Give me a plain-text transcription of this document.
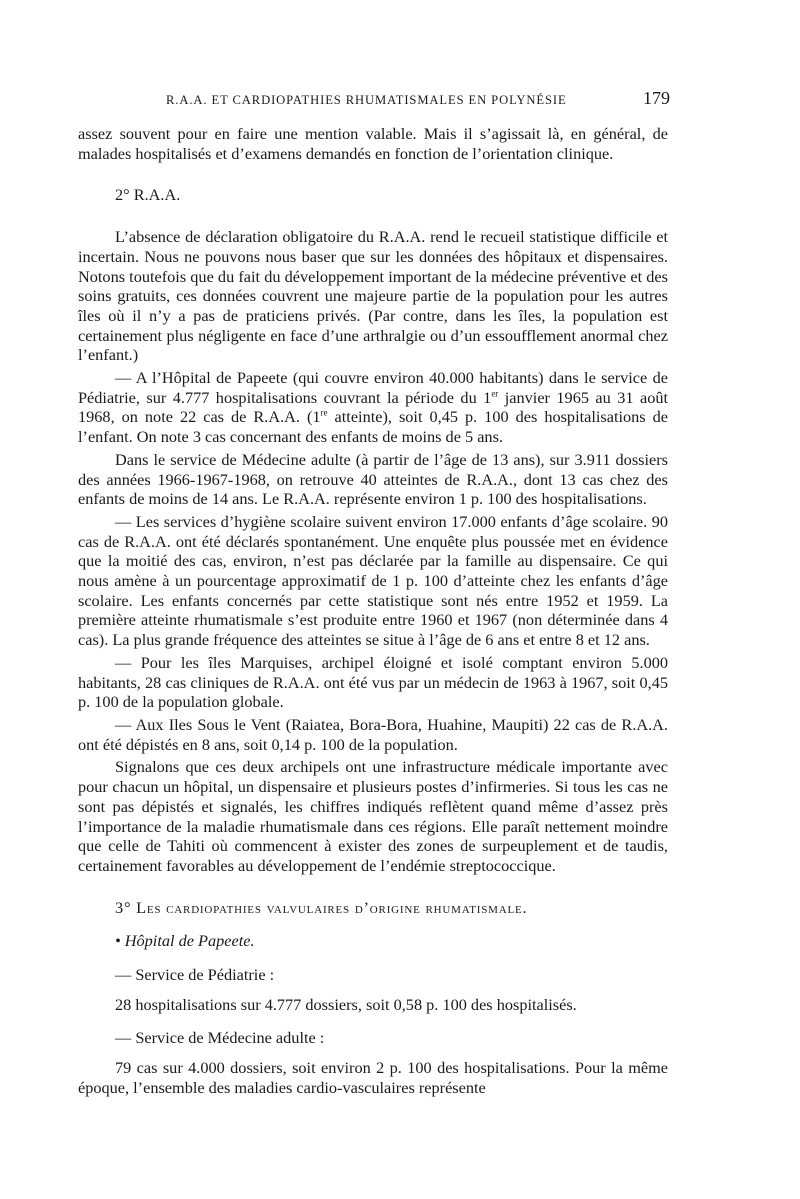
R.A.A. ET CARDIOPATHIES RHUMATISMALES EN POLYNÉSIE	179

assez souvent pour en faire une mention valable. Mais il s’agissait là, en général, de malades hospitalisés et d’examens demandés en fonction de l’orientation clinique.

2° R.A.A.

L’absence de déclaration obligatoire du R.A.A. rend le recueil statistique difficile et incertain. Nous ne pouvons nous baser que sur les données des hôpitaux et dispensaires. Notons toutefois que du fait du développement important de la médecine préventive et des soins gratuits, ces données couvrent une majeure partie de la population pour les autres îles où il n’y a pas de praticiens privés. (Par contre, dans les îles, la population est certainement plus négligente en face d’une arthralgie ou d’un essoufflement anormal chez l’enfant.)

— A l’Hôpital de Papeete (qui couvre environ 40.000 habitants) dans le service de Pédiatrie, sur 4.777 hospitalisations couvrant la période du 1er janvier 1965 au 31 août 1968, on note 22 cas de R.A.A. (1re atteinte), soit 0,45 p. 100 des hospitalisations de l’enfant. On note 3 cas concernant des enfants de moins de 5 ans.

Dans le service de Médecine adulte (à partir de l’âge de 13 ans), sur 3.911 dossiers des années 1966-1967-1968, on retrouve 40 atteintes de R.A.A., dont 13 cas chez des enfants de moins de 14 ans. Le R.A.A. représente environ 1 p. 100 des hospitalisations.

— Les services d’hygiène scolaire suivent environ 17.000 enfants d’âge scolaire. 90 cas de R.A.A. ont été déclarés spontanément. Une enquête plus poussée met en évidence que la moitié des cas, environ, n’est pas déclarée par la famille au dispensaire. Ce qui nous amène à un pourcentage approximatif de 1 p. 100 d’atteinte chez les enfants d’âge scolaire. Les enfants concernés par cette statistique sont nés entre 1952 et 1959. La première atteinte rhumatismale s’est produite entre 1960 et 1967 (non déterminée dans 4 cas). La plus grande fréquence des atteintes se situe à l’âge de 6 ans et entre 8 et 12 ans.

— Pour les îles Marquises, archipel éloigné et isolé comptant environ 5.000 habitants, 28 cas cliniques de R.A.A. ont été vus par un médecin de 1963 à 1967, soit 0,45 p. 100 de la population globale.

— Aux Iles Sous le Vent (Raiatea, Bora-Bora, Huahine, Maupiti) 22 cas de R.A.A. ont été dépistés en 8 ans, soit 0,14 p. 100 de la population.

Signalons que ces deux archipels ont une infrastructure médicale importante avec pour chacun un hôpital, un dispensaire et plusieurs postes d’infirmeries. Si tous les cas ne sont pas dépistés et signalés, les chiffres indiqués reflètent quand même d’assez près l’importance de la maladie rhumatismale dans ces régions. Elle paraît nettement moindre que celle de Tahiti où commencent à exister des zones de surpeuplement et de taudis, certainement favorables au développement de l’endémie streptococcique.

3° Les cardiopathies valvulaires d’origine rhumatismale.

• Hôpital de Papeete.

— Service de Pédiatrie :

28 hospitalisations sur 4.777 dossiers, soit 0,58 p. 100 des hospitalisés.

— Service de Médecine adulte :

79 cas sur 4.000 dossiers, soit environ 2 p. 100 des hospitalisations. Pour la même époque, l’ensemble des maladies cardio-vasculaires représente
